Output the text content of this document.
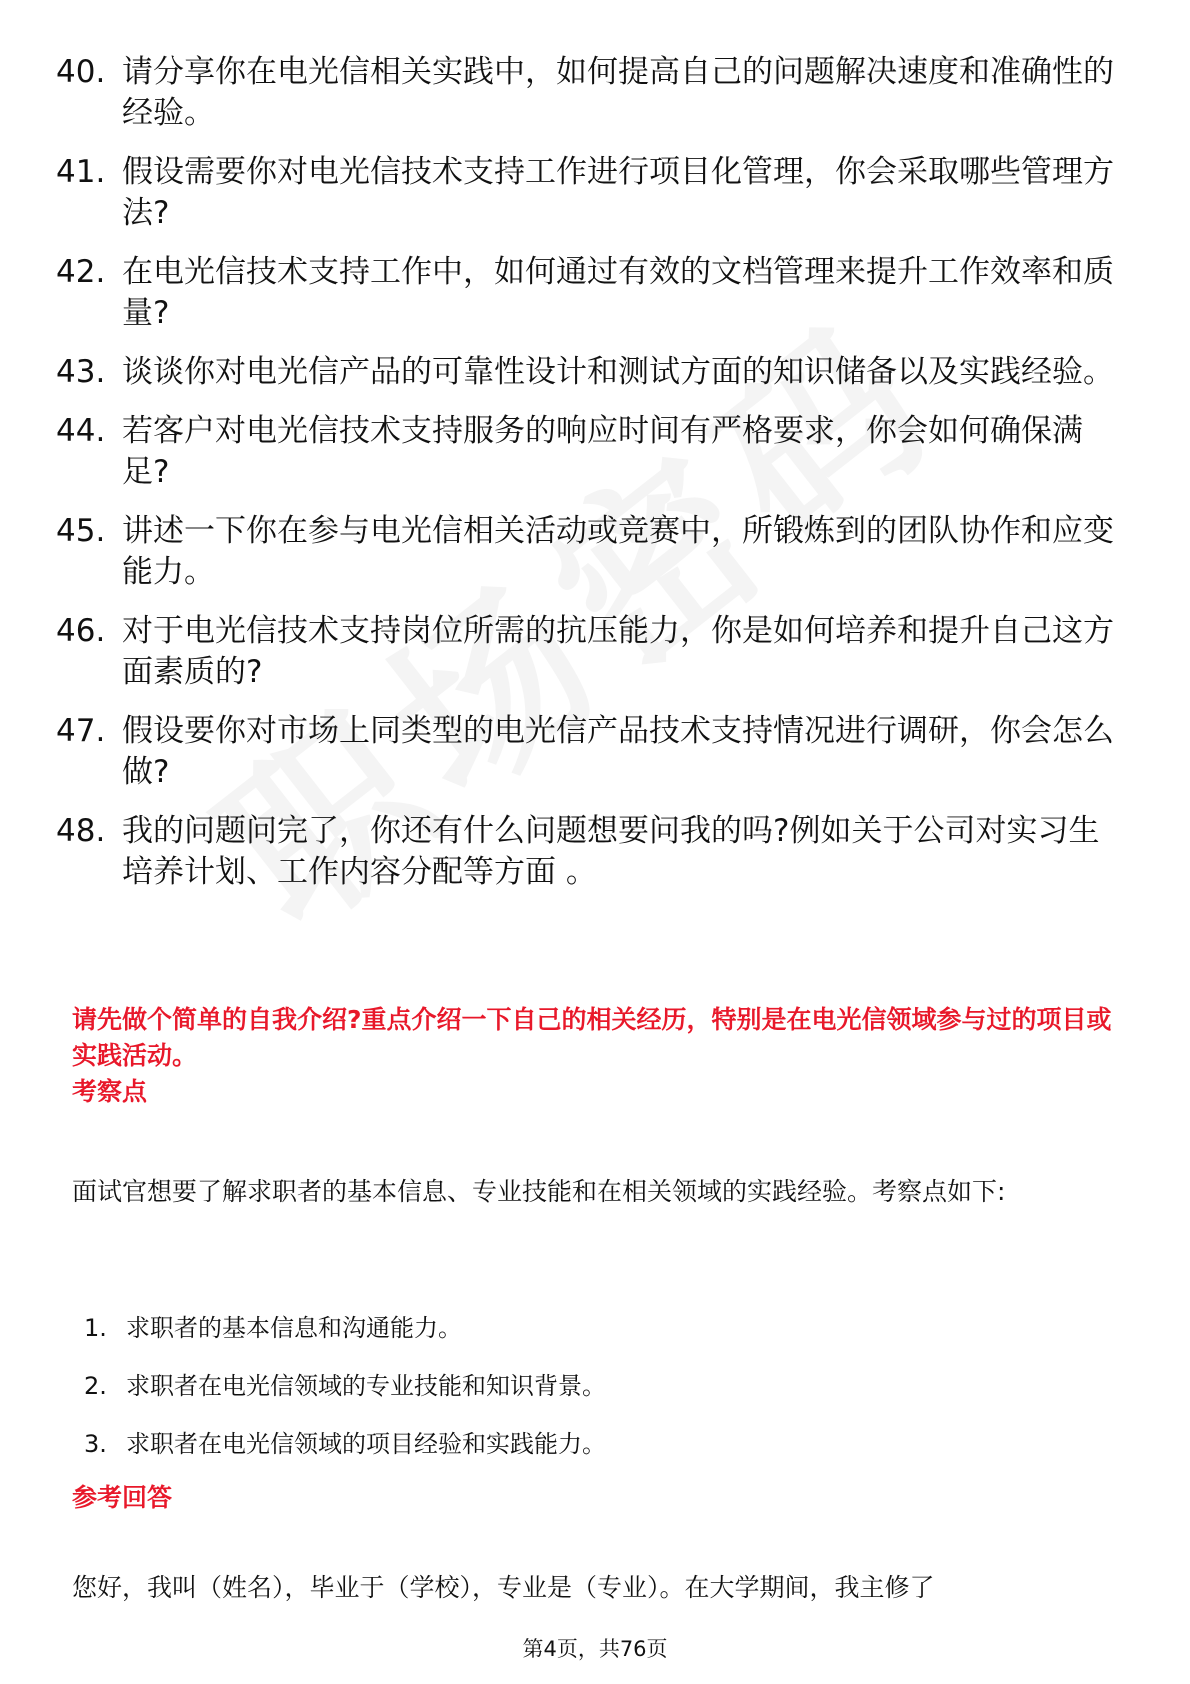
40. 请分享你在电光信相关实践中，如何提高自己的问题解决速度和准确性的经验。
41. 假设需要你对电光信技术支持工作进行项目化管理，你会采取哪些管理方法?
42. 在电光信技术支持工作中，如何通过有效的文档管理来提升工作效率和质量?
43. 谈谈你对电光信产品的可靠性设计和测试方面的知识储备以及实践经验。
44. 若客户对电光信技术支持服务的响应时间有严格要求，你会如何确保满足?
45. 讲述一下你在参与电光信相关活动或竞赛中，所锻炼到的团队协作和应变能力。
46. 对于电光信技术支持岗位所需的抗压能力，你是如何培养和提升自己这方面素质的?
47. 假设要你对市场上同类型的电光信产品技术支持情况进行调研，你会怎么做?
48. 我的问题问完了，你还有什么问题想要问我的吗?例如关于公司对实习生培养计划、工作内容分配等方面 。
请先做个简单的自我介绍?重点介绍一下自己的相关经历，特别是在电光信领域参与过的项目或实践活动。
考察点
面试官想要了解求职者的基本信息、专业技能和在相关领域的实践经验。考察点如下:
1. 求职者的基本信息和沟通能力。
2. 求职者在电光信领域的专业技能和知识背景。
3. 求职者在电光信领域的项目经验和实践能力。
参考回答
您好，我叫（姓名），毕业于（学校），专业是（专业）。在大学期间，我主修了
第4页，共76页
